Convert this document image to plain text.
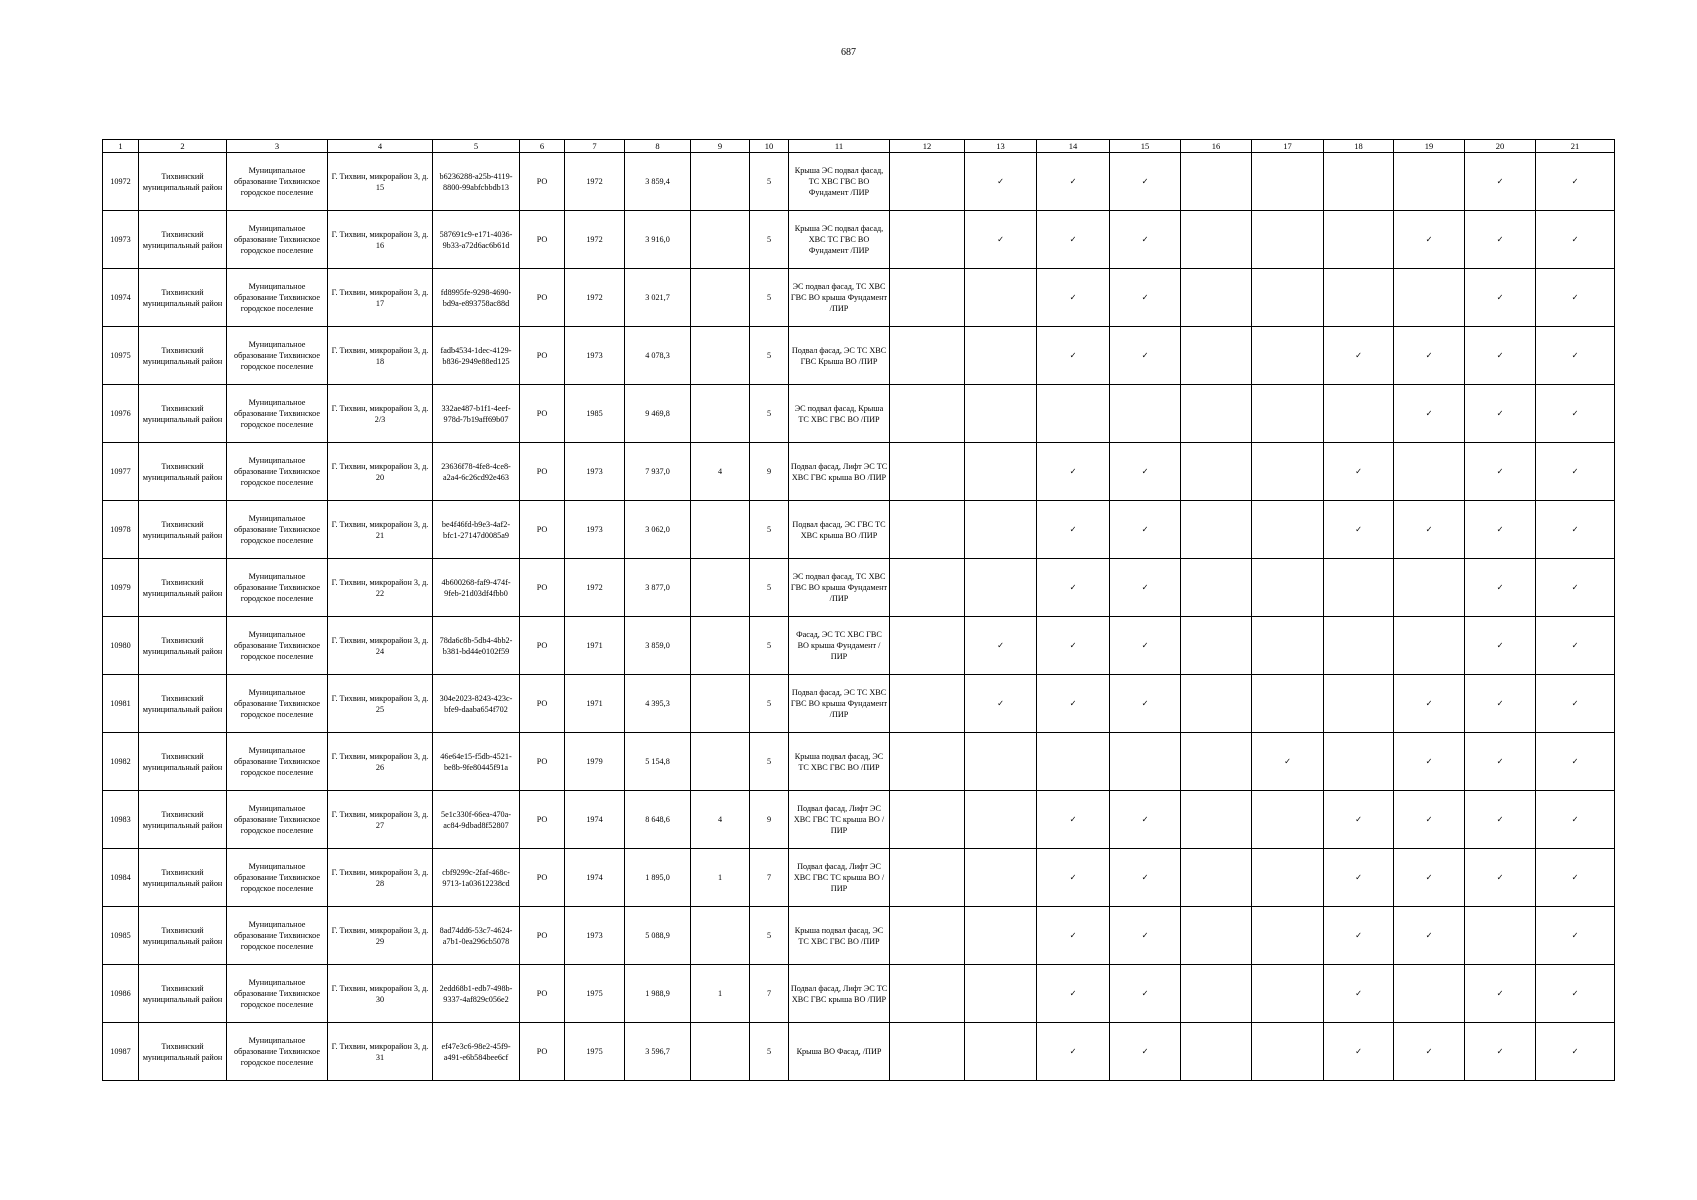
687
1	2	3	4	5	6	7	8	9	10	11	12	13	14	15	16	17	18	19	20	21
10972	Тихвинский муниципальный район	Муниципальное образование Тихвинское городское поселение	Г. Тихвин, микрорайон 3, д. 15	b6236288-a25b-4119-8800-99abfcbbdb13	РО	1972	3 859,4		5	Крыша ЭС подвал фасад, ТС ХВС ГВС ВО Фундамент /ПИР		✓	✓	✓					✓	✓
10973	Тихвинский муниципальный район	Муниципальное образование Тихвинское городское поселение	Г. Тихвин, микрорайон 3, д. 16	587691c9-e171-4036-9b33-a72d6ac6b61d	РО	1972	3 916,0		5	Крыша ЭС подвал фасад, ХВС ТС ГВС ВО Фундамент /ПИР		✓	✓	✓				✓	✓	✓
10974	Тихвинский муниципальный район	Муниципальное образование Тихвинское городское поселение	Г. Тихвин, микрорайон 3, д. 17	fd8995fe-9298-4690-bd9a-e893758ac88d	РО	1972	3 021,7		5	ЭС подвал фасад, ТС ХВС ГВС ВО крыша Фундамент /ПИР			✓	✓					✓	✓
10975	Тихвинский муниципальный район	Муниципальное образование Тихвинское городское поселение	Г. Тихвин, микрорайон 3, д. 18	fadb4534-1dec-4129-b836-2949e88ed125	РО	1973	4 078,3		5	Подвал фасад, ЭС ТС ХВС ГВС Крыша ВО /ПИР			✓	✓			✓	✓	✓	✓
10976	Тихвинский муниципальный район	Муниципальное образование Тихвинское городское поселение	Г. Тихвин, микрорайон 3, д. 2/3	332ae487-b1f1-4eef-978d-7b19aff69b07	РО	1985	9 469,8		5	ЭС подвал фасад, Крыша ТС ХВС ГВС ВО /ПИР								✓	✓	✓
10977	Тихвинский муниципальный район	Муниципальное образование Тихвинское городское поселение	Г. Тихвин, микрорайон 3, д. 20	23636f78-4fe8-4ce8-a2a4-6c26cd92e463	РО	1973	7 937,0	4	9	Подвал фасад, Лифт ЭС ТС ХВС ГВС крыша ВО /ПИР			✓	✓			✓		✓	✓
10978	Тихвинский муниципальный район	Муниципальное образование Тихвинское городское поселение	Г. Тихвин, микрорайон 3, д. 21	be4f46fd-b9e3-4af2-bfc1-27147d0085a9	РО	1973	3 062,0		5	Подвал фасад, ЭС ГВС ТС ХВС крыша ВО /ПИР			✓	✓			✓	✓	✓	✓
10979	Тихвинский муниципальный район	Муниципальное образование Тихвинское городское поселение	Г. Тихвин, микрорайон 3, д. 22	4b600268-faf9-474f-9feb-21d03df4fbb0	РО	1972	3 877,0		5	ЭС подвал фасад, ТС ХВС ГВС ВО крыша Фундамент /ПИР			✓	✓					✓	✓
10980	Тихвинский муниципальный район	Муниципальное образование Тихвинское городское поселение	Г. Тихвин, микрорайон 3, д. 24	78da6c8b-5db4-4bb2-b381-bd44e0102f59	РО	1971	3 859,0		5	Фасад, ЭС ТС ХВС ГВС ВО крыша Фундамент /ПИР		✓	✓	✓					✓	✓
10981	Тихвинский муниципальный район	Муниципальное образование Тихвинское городское поселение	Г. Тихвин, микрорайон 3, д. 25	304e2023-8243-423c-bfe9-daaba654f702	РО	1971	4 395,3		5	Подвал фасад, ЭС ТС ХВС ГВС ВО крыша Фундамент /ПИР		✓	✓	✓				✓	✓	✓
10982	Тихвинский муниципальный район	Муниципальное образование Тихвинское городское поселение	Г. Тихвин, микрорайон 3, д. 26	46e64e15-f5db-4521-be8b-9fe80445f91a	РО	1979	5 154,8		5	Крыша подвал фасад, ЭС ТС ХВС ГВС ВО /ПИР						✓		✓	✓	✓
10983	Тихвинский муниципальный район	Муниципальное образование Тихвинское городское поселение	Г. Тихвин, микрорайон 3, д. 27	5e1c330f-66ea-470a-ac84-9dbad8f52807	РО	1974	8 648,6	4	9	Подвал фасад, Лифт ЭС ХВС ГВС ТС крыша ВО /ПИР			✓	✓			✓	✓	✓	✓
10984	Тихвинский муниципальный район	Муниципальное образование Тихвинское городское поселение	Г. Тихвин, микрорайон 3, д. 28	cbf9299c-2faf-468c-9713-1a03612238cd	РО	1974	1 895,0	1	7	Подвал фасад, Лифт ЭС ХВС ГВС ТС крыша ВО /ПИР			✓	✓			✓	✓	✓	✓
10985	Тихвинский муниципальный район	Муниципальное образование Тихвинское городское поселение	Г. Тихвин, микрорайон 3, д. 29	8ad74dd6-53c7-4624-a7b1-0ea296cb5078	РО	1973	5 088,9		5	Крыша подвал фасад, ЭС ТС ХВС ГВС ВО /ПИР			✓	✓			✓	✓		✓
10986	Тихвинский муниципальный район	Муниципальное образование Тихвинское городское поселение	Г. Тихвин, микрорайон 3, д. 30	2edd68b1-edb7-498b-9337-4af829c056e2	РО	1975	1 988,9	1	7	Подвал фасад, Лифт ЭС ТС ХВС ГВС крыша ВО /ПИР			✓	✓			✓		✓	✓
10987	Тихвинский муниципальный район	Муниципальное образование Тихвинское городское поселение	Г. Тихвин, микрорайон 3, д. 31	ef47e3c6-98e2-45f9-a491-e6b584bee6cf	РО	1975	3 596,7		5	Крыша ВО Фасад, /ПИР			✓	✓			✓	✓	✓	✓
